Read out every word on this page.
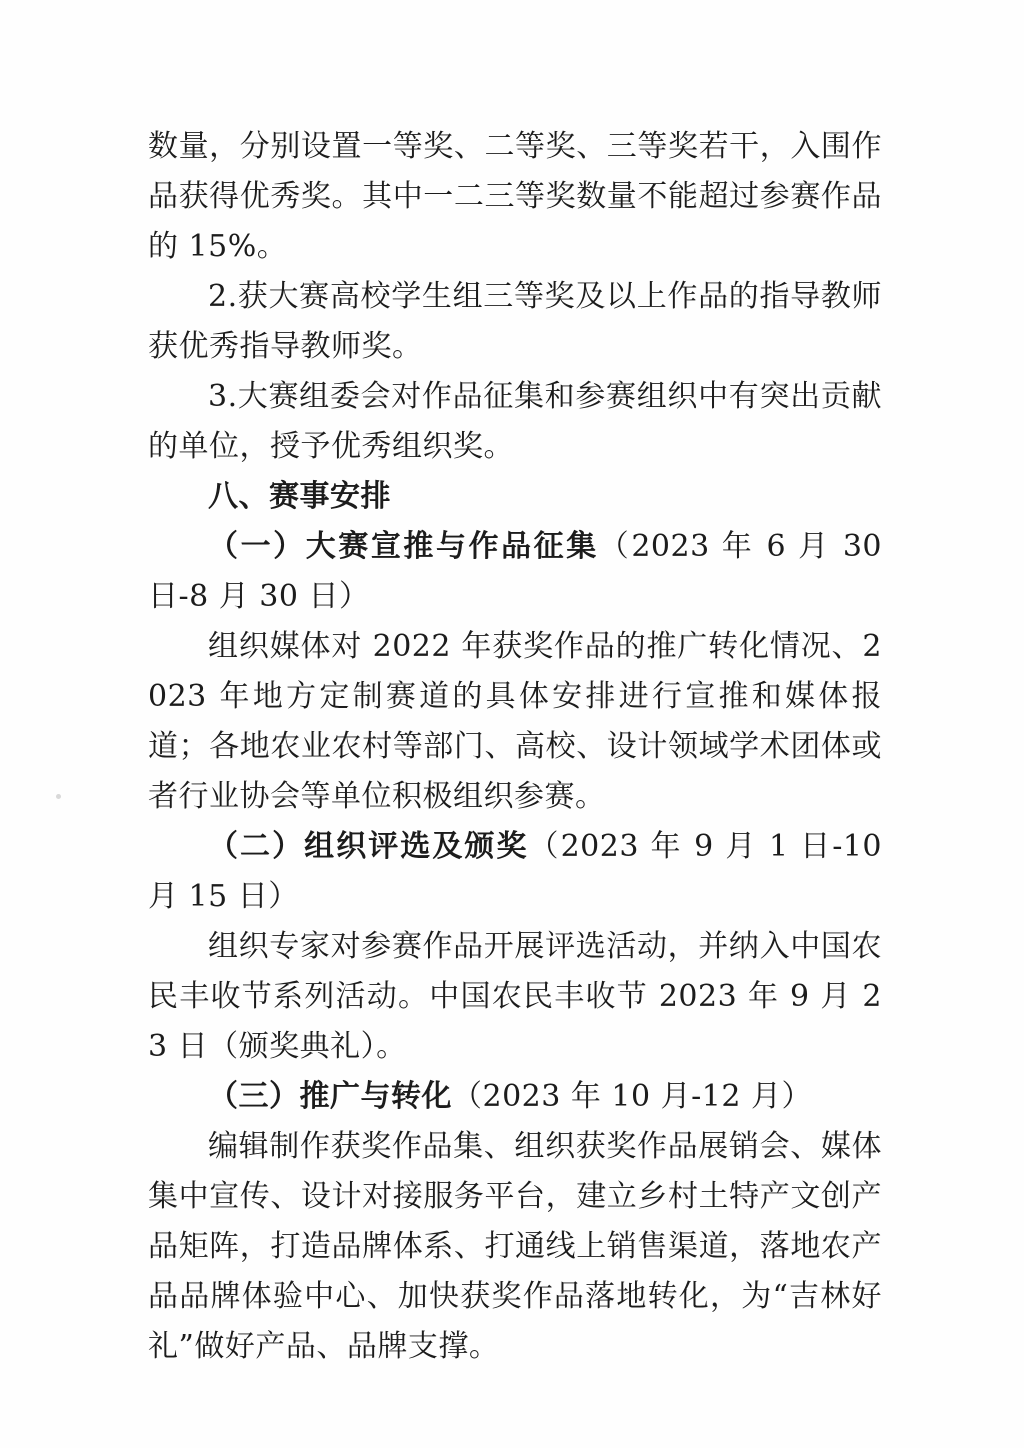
数量，分别设置一等奖、二等奖、三等奖若干，入围作品获得优秀奖。其中一二三等奖数量不能超过参赛作品的 15%。

2.获大赛高校学生组三等奖及以上作品的指导教师获优秀指导教师奖。

3.大赛组委会对作品征集和参赛组织中有突出贡献的单位，授予优秀组织奖。

八、赛事安排

（一）大赛宣推与作品征集（2023 年 6 月 30 日-8 月 30 日）

组织媒体对 2022 年获奖作品的推广转化情况、2023 年地方定制赛道的具体安排进行宣推和媒体报道；各地农业农村等部门、高校、设计领域学术团体或者行业协会等单位积极组织参赛。

（二）组织评选及颁奖（2023 年 9 月 1 日-10 月 15 日）

组织专家对参赛作品开展评选活动，并纳入中国农民丰收节系列活动。中国农民丰收节 2023 年 9 月 23 日（颁奖典礼）。

（三）推广与转化（2023 年 10 月-12 月）

编辑制作获奖作品集、组织获奖作品展销会、媒体集中宣传、设计对接服务平台，建立乡村土特产文创产品矩阵，打造品牌体系、打通线上销售渠道，落地农产品品牌体验中心、加快获奖作品落地转化，为“吉林好礼”做好产品、品牌支撑。
